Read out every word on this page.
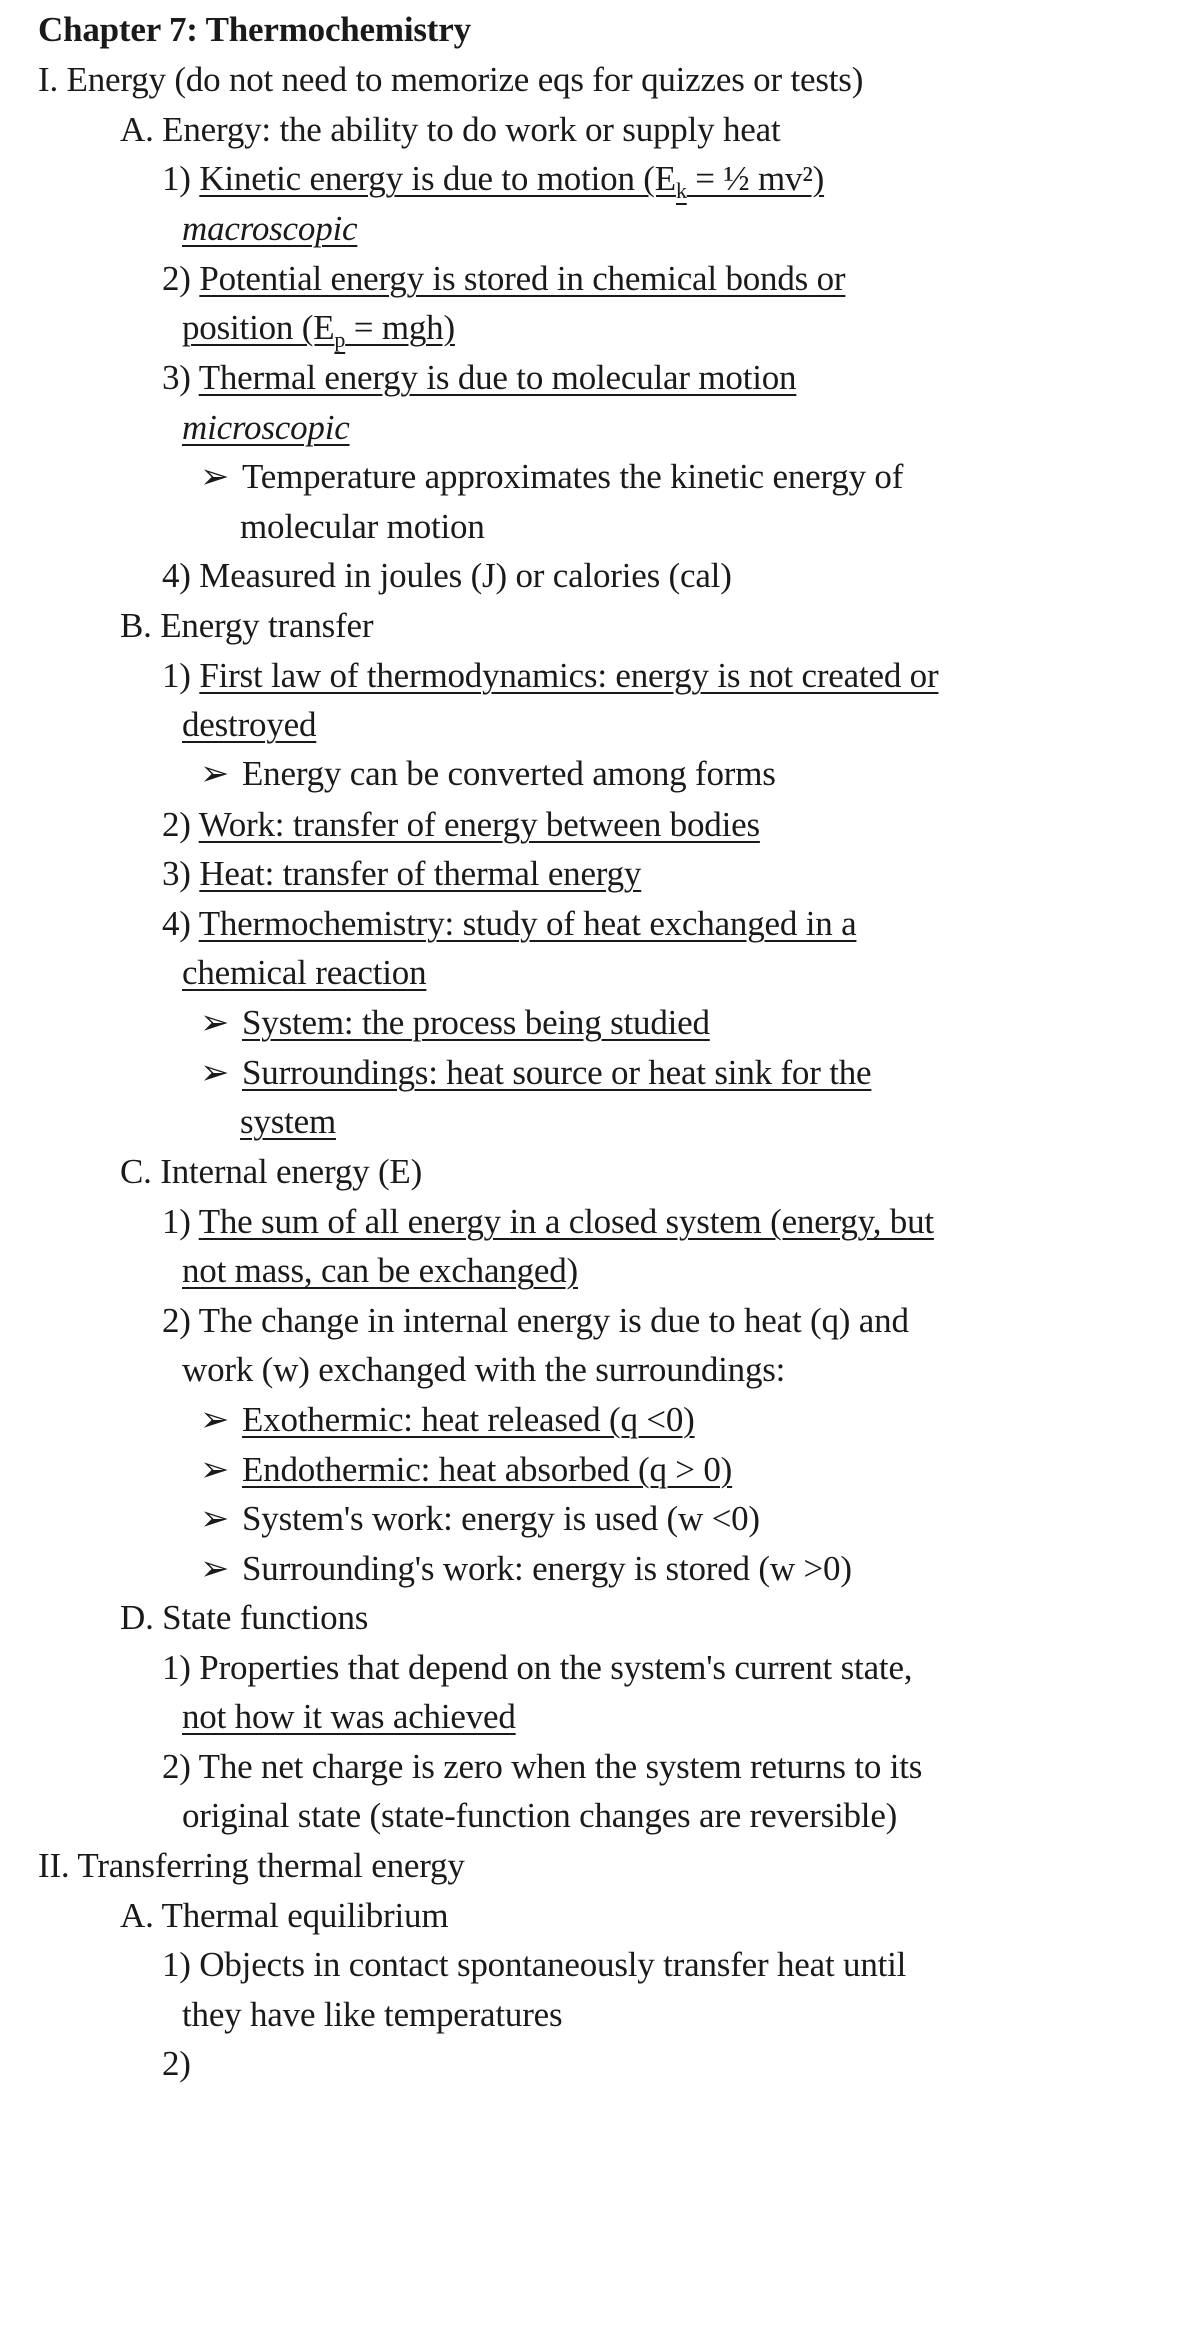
Chapter 7: Thermochemistry
I. Energy (do not need to memorize eqs for quizzes or tests)
A. Energy: the ability to do work or supply heat
1) Kinetic energy is due to motion ($E_k$ = ½ mv²)
macroscopic
2) Potential energy is stored in chemical bonds or
position $(E_p = mgh)$
3) Thermal energy is due to molecular motion
microscopic
➢ Temperature approximates the kinetic energy of
molecular motion
4) Measured in joules (J) or calories (cal)
B. Energy transfer
1) First law of thermodynamics: energy is not created or
destroyed
➢ Energy can be converted among forms
2) Work: transfer of energy between bodies
3) Heat: transfer of thermal energy
4) Thermochemistry: study of heat exchanged in a
chemical reaction
➢ System: the process being studied
➢ Surroundings: heat source or heat sink for the
system
C. Internal energy (E)
1) The sum of all energy in a closed system (energy, but
not mass, can be exchanged)
2) The change in internal energy is due to heat (q) and
work (w) exchanged with the surroundings:
➢ Exothermic: heat released (q <0)
➢ Endothermic: heat absorbed (q > 0)
➢ System's work: energy is used (w <0)
➢ Surrounding's work: energy is stored (w >0)
D. State functions
1) Properties that depend on the system's current state,
not how it was achieved
2) The net charge is zero when the system returns to its
original state (state-function changes are reversible)
II. Transferring thermal energy
A. Thermal equilibrium
1) Objects in contact spontaneously transfer heat until
they have like temperatures
2)
